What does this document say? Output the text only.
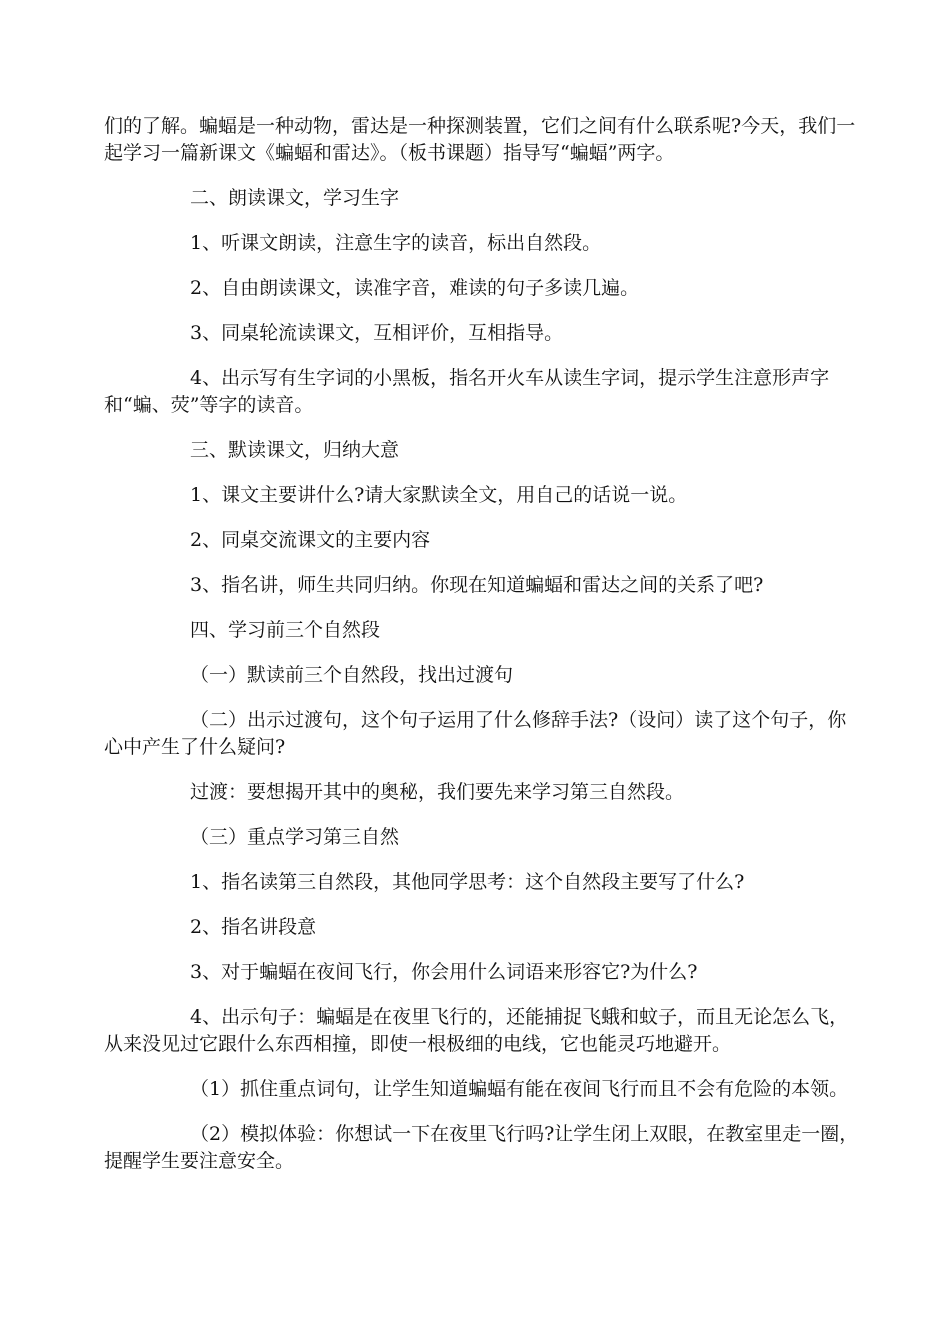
们的了解。蝙蝠是一种动物，雷达是一种探测装置，它们之间有什么联系呢?今天，我们一起学习一篇新课文《蝙蝠和雷达》。（板书课题）指导写“蝙蝠”两字。

二、朗读课文，学习生字

1、听课文朗读，注意生字的读音，标出自然段。

2、自由朗读课文，读准字音，难读的句子多读几遍。

3、同桌轮流读课文，互相评价，互相指导。

4、出示写有生字词的小黑板，指名开火车从读生字词，提示学生注意形声字和“蝙、荧”等字的读音。

三、默读课文，归纳大意

1、课文主要讲什么?请大家默读全文，用自己的话说一说。

2、同桌交流课文的主要内容

3、指名讲，师生共同归纳。你现在知道蝙蝠和雷达之间的关系了吧?

四、学习前三个自然段

（一）默读前三个自然段，找出过渡句

（二）出示过渡句，这个句子运用了什么修辞手法?（设问）读了这个句子，你心中产生了什么疑问?

过渡：要想揭开其中的奥秘，我们要先来学习第三自然段。

（三）重点学习第三自然

1、指名读第三自然段，其他同学思考：这个自然段主要写了什么?

2、指名讲段意

3、对于蝙蝠在夜间飞行，你会用什么词语来形容它?为什么?

4、出示句子：蝙蝠是在夜里飞行的，还能捕捉飞蛾和蚊子，而且无论怎么飞，从来没见过它跟什么东西相撞，即使一根极细的电线，它也能灵巧地避开。

（1）抓住重点词句，让学生知道蝙蝠有能在夜间飞行而且不会有危险的本领。

（2）模拟体验：你想试一下在夜里飞行吗?让学生闭上双眼，在教室里走一圈，提醒学生要注意安全。
